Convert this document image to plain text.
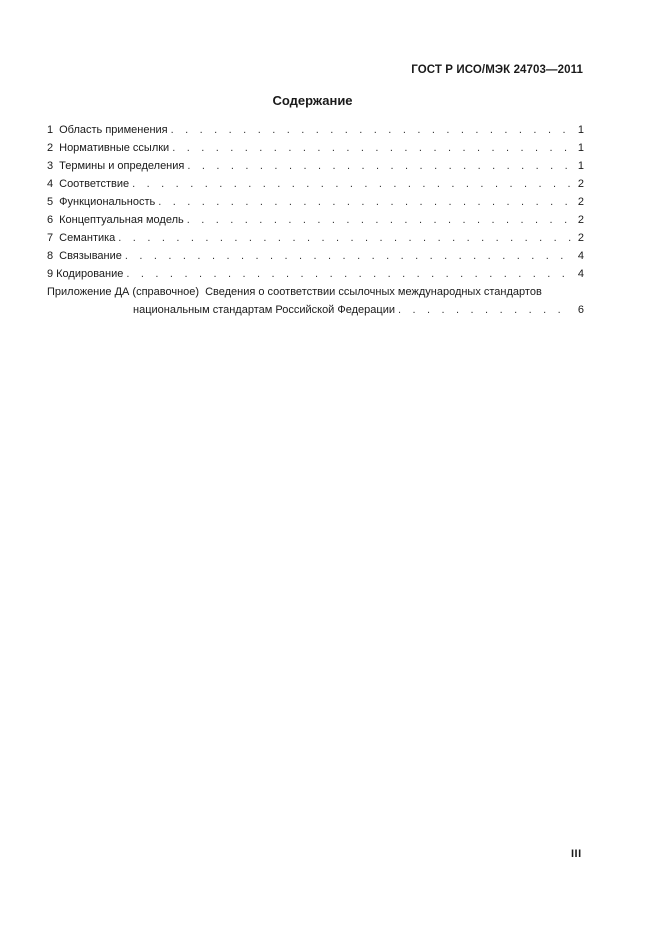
ГОСТ Р ИСО/МЭК 24703—2011
Содержание
1 Область применения . . .	1
2 Нормативные ссылки . . .	1
3 Термины и определения . . .	1
4 Соответствие . . .	2
5 Функциональность . . .	2
6 Концептуальная модель . . .	2
7 Семантика . . .	2
8 Связывание . . .	4
9 Кодирование . . .	4
Приложение ДА (справочное) Сведения о соответствии ссылочных международных стандартов
национальным стандартам Российской Федерации . . .	6
III
